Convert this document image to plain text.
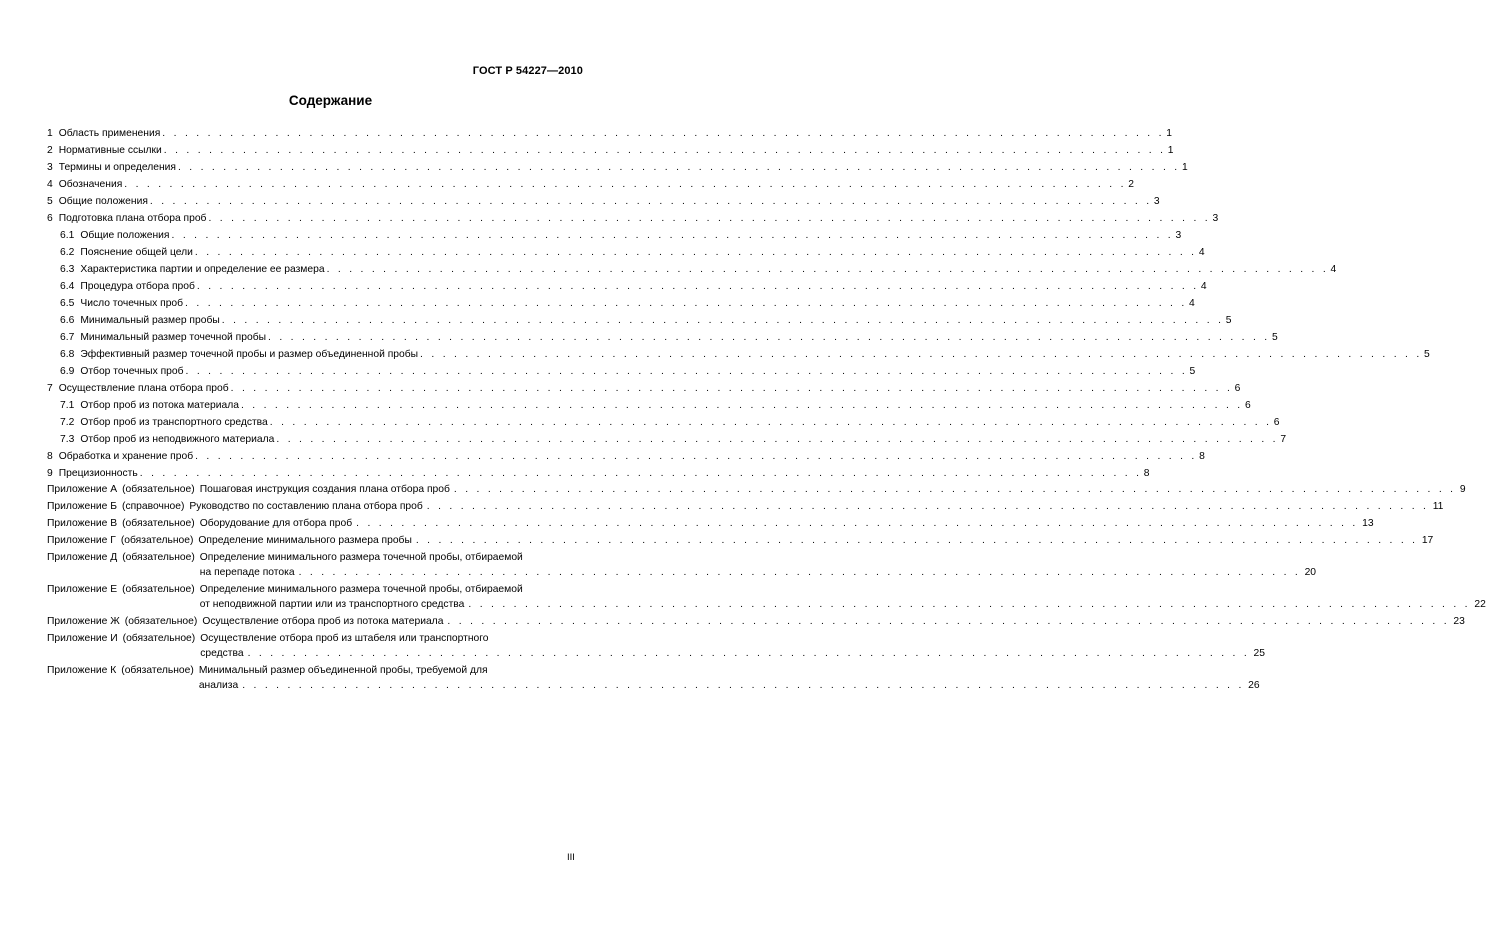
ГОСТ Р 54227—2010
Содержание
1 Область применения . . . . . . . . . . . . . . . . . . . . . . . . . . . . . . . . . . . . . . . . . . . . . . . . . . . . . . . . . . . . . . . . . . . . . . . . . . . . . . . . . . . . . . . . . 1
2 Нормативные ссылки . . . . . . . . . . . . . . . . . . . . . . . . . . . . . . . . . . . . . . . . . . . . . . . . . . . . . . . . . . . . . . . . . . . . . . . . . . . . . . . . . . . . . . . . . 1
3 Термины и определения . . . . . . . . . . . . . . . . . . . . . . . . . . . . . . . . . . . . . . . . . . . . . . . . . . . . . . . . . . . . . . . . . . . . . . . . . . . . . . . . . . . . . . . . . 1
4 Обозначения . . . . . . . . . . . . . . . . . . . . . . . . . . . . . . . . . . . . . . . . . . . . . . . . . . . . . . . . . . . . . . . . . . . . . . . . . . . . . . . . . . . . . . . . . 2
5 Общие положения . . . . . . . . . . . . . . . . . . . . . . . . . . . . . . . . . . . . . . . . . . . . . . . . . . . . . . . . . . . . . . . . . . . . . . . . . . . . . . . . . . . . . . . . . 3
6 Подготовка плана отбора проб . . . . . . . . . . . . . . . . . . . . . . . . . . . . . . . . . . . . . . . . . . . . . . . . . . . . . . . . . . . . . . . . . . . . . . . . . . . . . . . . . . . . . . . . . 3
6.1 Общие положения . . . . . . . . . . . . . . . . . . . . . . . . . . . . . . . . . . . . . . . . . . . . . . . . . . . . . . . . . . . . . . . . . . . . . . . . . . . . . . . . . . . . . . . . . 3
6.2 Пояснение общей цели . . . . . . . . . . . . . . . . . . . . . . . . . . . . . . . . . . . . . . . . . . . . . . . . . . . . . . . . . . . . . . . . . . . . . . . . . . . . . . . . . . . . . . . . . 4
6.3 Характеристика партии и определение ее размера . . . . . . . . . . . . . . . . . . . . . . . . . . . . . . . . . . . . . . . . . . . . . . . . . . . . . . . . . . . . . . . . . . . . . . . . . . . . . . . . . . . . . . . . . 4
6.4 Процедура отбора проб . . . . . . . . . . . . . . . . . . . . . . . . . . . . . . . . . . . . . . . . . . . . . . . . . . . . . . . . . . . . . . . . . . . . . . . . . . . . . . . . . . . . . . . . . 4
6.5 Число точечных проб . . . . . . . . . . . . . . . . . . . . . . . . . . . . . . . . . . . . . . . . . . . . . . . . . . . . . . . . . . . . . . . . . . . . . . . . . . . . . . . . . . . . . . . . . 4
6.6 Минимальный размер пробы . . . . . . . . . . . . . . . . . . . . . . . . . . . . . . . . . . . . . . . . . . . . . . . . . . . . . . . . . . . . . . . . . . . . . . . . . . . . . . . . . . . . . . . . . 5
6.7 Минимальный размер точечной пробы . . . . . . . . . . . . . . . . . . . . . . . . . . . . . . . . . . . . . . . . . . . . . . . . . . . . . . . . . . . . . . . . . . . . . . . . . . . . . . . . . . . . . . . . . 5
6.8 Эффективный размер точечной пробы и размер объединенной пробы . . . . . . . . . . . . . . . . . . . . . . . . . . . . . . . . . . . . . . . . . . . . . . . . . . . . . . . . . . . . . . . . . . . . . . . . . . . . . . . . . . . . . . . . . 5
6.9 Отбор точечных проб . . . . . . . . . . . . . . . . . . . . . . . . . . . . . . . . . . . . . . . . . . . . . . . . . . . . . . . . . . . . . . . . . . . . . . . . . . . . . . . . . . . . . . . . . 5
7 Осуществление плана отбора проб . . . . . . . . . . . . . . . . . . . . . . . . . . . . . . . . . . . . . . . . . . . . . . . . . . . . . . . . . . . . . . . . . . . . . . . . . . . . . . . . . . . . . . . . . 6
7.1 Отбор проб из потока материала . . . . . . . . . . . . . . . . . . . . . . . . . . . . . . . . . . . . . . . . . . . . . . . . . . . . . . . . . . . . . . . . . . . . . . . . . . . . . . . . . . . . . . . . . 6
7.2 Отбор проб из транспортного средства . . . . . . . . . . . . . . . . . . . . . . . . . . . . . . . . . . . . . . . . . . . . . . . . . . . . . . . . . . . . . . . . . . . . . . . . . . . . . . . . . . . . . . . . . 6
7.3 Отбор проб из неподвижного материала . . . . . . . . . . . . . . . . . . . . . . . . . . . . . . . . . . . . . . . . . . . . . . . . . . . . . . . . . . . . . . . . . . . . . . . . . . . . . . . . . . . . . . . . . 7
8 Обработка и хранение проб . . . . . . . . . . . . . . . . . . . . . . . . . . . . . . . . . . . . . . . . . . . . . . . . . . . . . . . . . . . . . . . . . . . . . . . . . . . . . . . . . . . . . . . . . 8
9 Прецизионность . . . . . . . . . . . . . . . . . . . . . . . . . . . . . . . . . . . . . . . . . . . . . . . . . . . . . . . . . . . . . . . . . . . . . . . . . . . . . . . . . . . . . . . . . 8
Приложение А (обязательное) Пошаговая инструкция создания плана отбора проб . . . . . . . . . . . . . . . . . . . . . . . . . . . . . . . . . . . . . . . . . . . . . . . . . . . . . . . . . . . . . . . . . . . . . . . . . . . . . . . . . . . . . . . . . 9
Приложение Б (справочное) Руководство по составлению плана отбора проб . . . . . . . . . . . . . . . . . . . . . . . . . . . . . . . . . . . . . . . . . . . . . . . . . . . . . . . . . . . . . . . . . . . . . . . . . . . . . . . . . . . . . . . . . 11
Приложение В (обязательное) Оборудование для отбора проб . . . . . . . . . . . . . . . . . . . . . . . . . . . . . . . . . . . . . . . . . . . . . . . . . . . . . . . . . . . . . . . . . . . . . . . . . . . . . . . . . . . . . . . . . 13
Приложение Г (обязательное) Определение минимального размера пробы . . . . . . . . . . . . . . . . . . . . . . . . . . . . . . . . . . . . . . . . . . . . . . . . . . . . . . . . . . . . . . . . . . . . . . . . . . . . . . . . . . . . . . . . . 17
Приложение Д (обязательное) Определение минимального размера точечной пробы, отбираемой
на перепаде потока . . . . . . . . . . . . . . . . . . . . . . . . . . . . . . . . . . . . . . . . . . . . . . . . . . . . . . . . . . . . . . . . . . . . . . . . . . . . . . . . . . . . . . . . . 20
Приложение Е (обязательное) Определение минимального размера точечной пробы, отбираемой
от неподвижной партии или из транспортного средства . . . . . . . . . . . . . . . . . . . . . . . . . . . . . . . . . . . . . . . . . . . . . . . . . . . . . . . . . . . . . . . . . . . . . . . . . . . . . . . . . . . . . . . . . 22
Приложение Ж (обязательное) Осуществление отбора проб из потока материала . . . . . . . . . . . . . . . . . . . . . . . . . . . . . . . . . . . . . . . . . . . . . . . . . . . . . . . . . . . . . . . . . . . . . . . . . . . . . . . . . . . . . . . . . 23
Приложение И (обязательное) Осуществление отбора проб из штабеля или транспортного
средства . . . . . . . . . . . . . . . . . . . . . . . . . . . . . . . . . . . . . . . . . . . . . . . . . . . . . . . . . . . . . . . . . . . . . . . . . . . . . . . . . . . . . . . . . 25
Приложение К (обязательное) Минимальный размер объединенной пробы, требуемой для
анализа . . . . . . . . . . . . . . . . . . . . . . . . . . . . . . . . . . . . . . . . . . . . . . . . . . . . . . . . . . . . . . . . . . . . . . . . . . . . . . . . . . . . . . . . . 26
III
